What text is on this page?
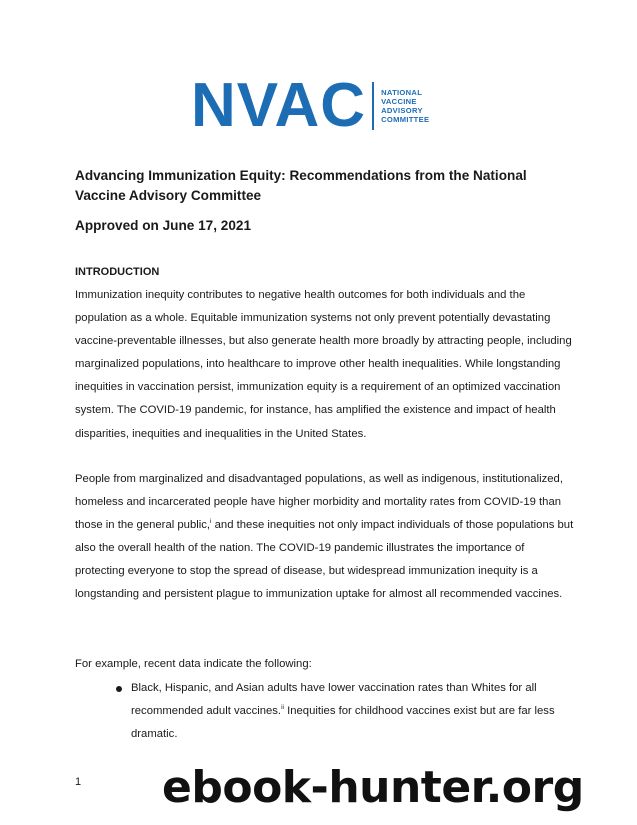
NVAC NATIONAL
VACCINE
ADVISORY
COMMITTEE
Advancing Immunization Equity: Recommendations from the National Vaccine Advisory Committee
Approved on June 17, 2021
INTRODUCTION

Immunization inequity contributes to negative health outcomes for both individuals and the population as a whole. Equitable immunization systems not only prevent potentially devastating vaccine-preventable illnesses, but also generate health more broadly by attracting people, including marginalized populations, into healthcare to improve other health inequalities. While longstanding inequities in vaccination persist, immunization equity is a requirement of an optimized vaccination system. The COVID-19 pandemic, for instance, has amplified the existence and impact of health disparities, inequities and inequalities in the United States.

People from marginalized and disadvantaged populations, as well as indigenous, institutionalized, homeless and incarcerated people have higher morbidity and mortality rates from COVID-19 than those in the general public,$^i$ and these inequities not only impact individuals of those populations but also the overall health of the nation. The COVID-19 pandemic illustrates the importance of protecting everyone to stop the spread of disease, but widespread immunization inequity is a longstanding and persistent plague to immunization uptake for almost all recommended vaccines.

For example, recent data indicate the following:

Black, Hispanic, and Asian adults have lower vaccination rates than Whites for all recommended adult vaccines.$^{ii}$ Inequities for childhood vaccines exist but are far less dramatic.
1 ebook-hunter.org
